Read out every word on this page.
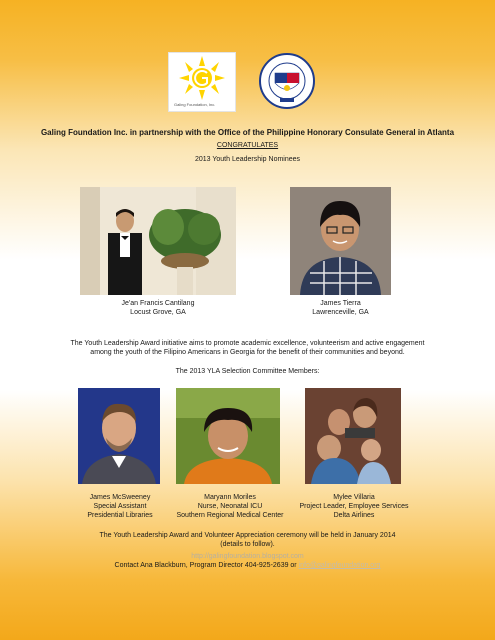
Galing Foundation, Inc.
Galing Foundation Inc. in partnership with the Office of the Philippine Honorary Consulate General in Atlanta
CONGRATULATES
2013 Youth Leadership Nominees
Je'an Francis Cantilang
Locust Grove, GA
James Tierra
Lawrenceville, GA
The Youth Leadership Award initiative aims to promote academic excellence, volunteerism and active engagement
among the youth of the Filipino Americans in Georgia for the benefit of their communities and beyond.
The 2013 YLA Selection Committee Members:
James McSweeney
Special Assistant
Presidential Libraries
Maryann Moriles
Nurse, Neonatal ICU
Southern Regional Medical Center
Mylee Villaria
Project Leader, Employee Services
Delta Airlines
The Youth Leadership Award and Volunteer Appreciation ceremony will be held in January 2014
(details to follow).
http://galingfoundation.blogspot.com
Contact Ana Blackburn, Program Director 404-925-2639 or info@galingfoundation.org
